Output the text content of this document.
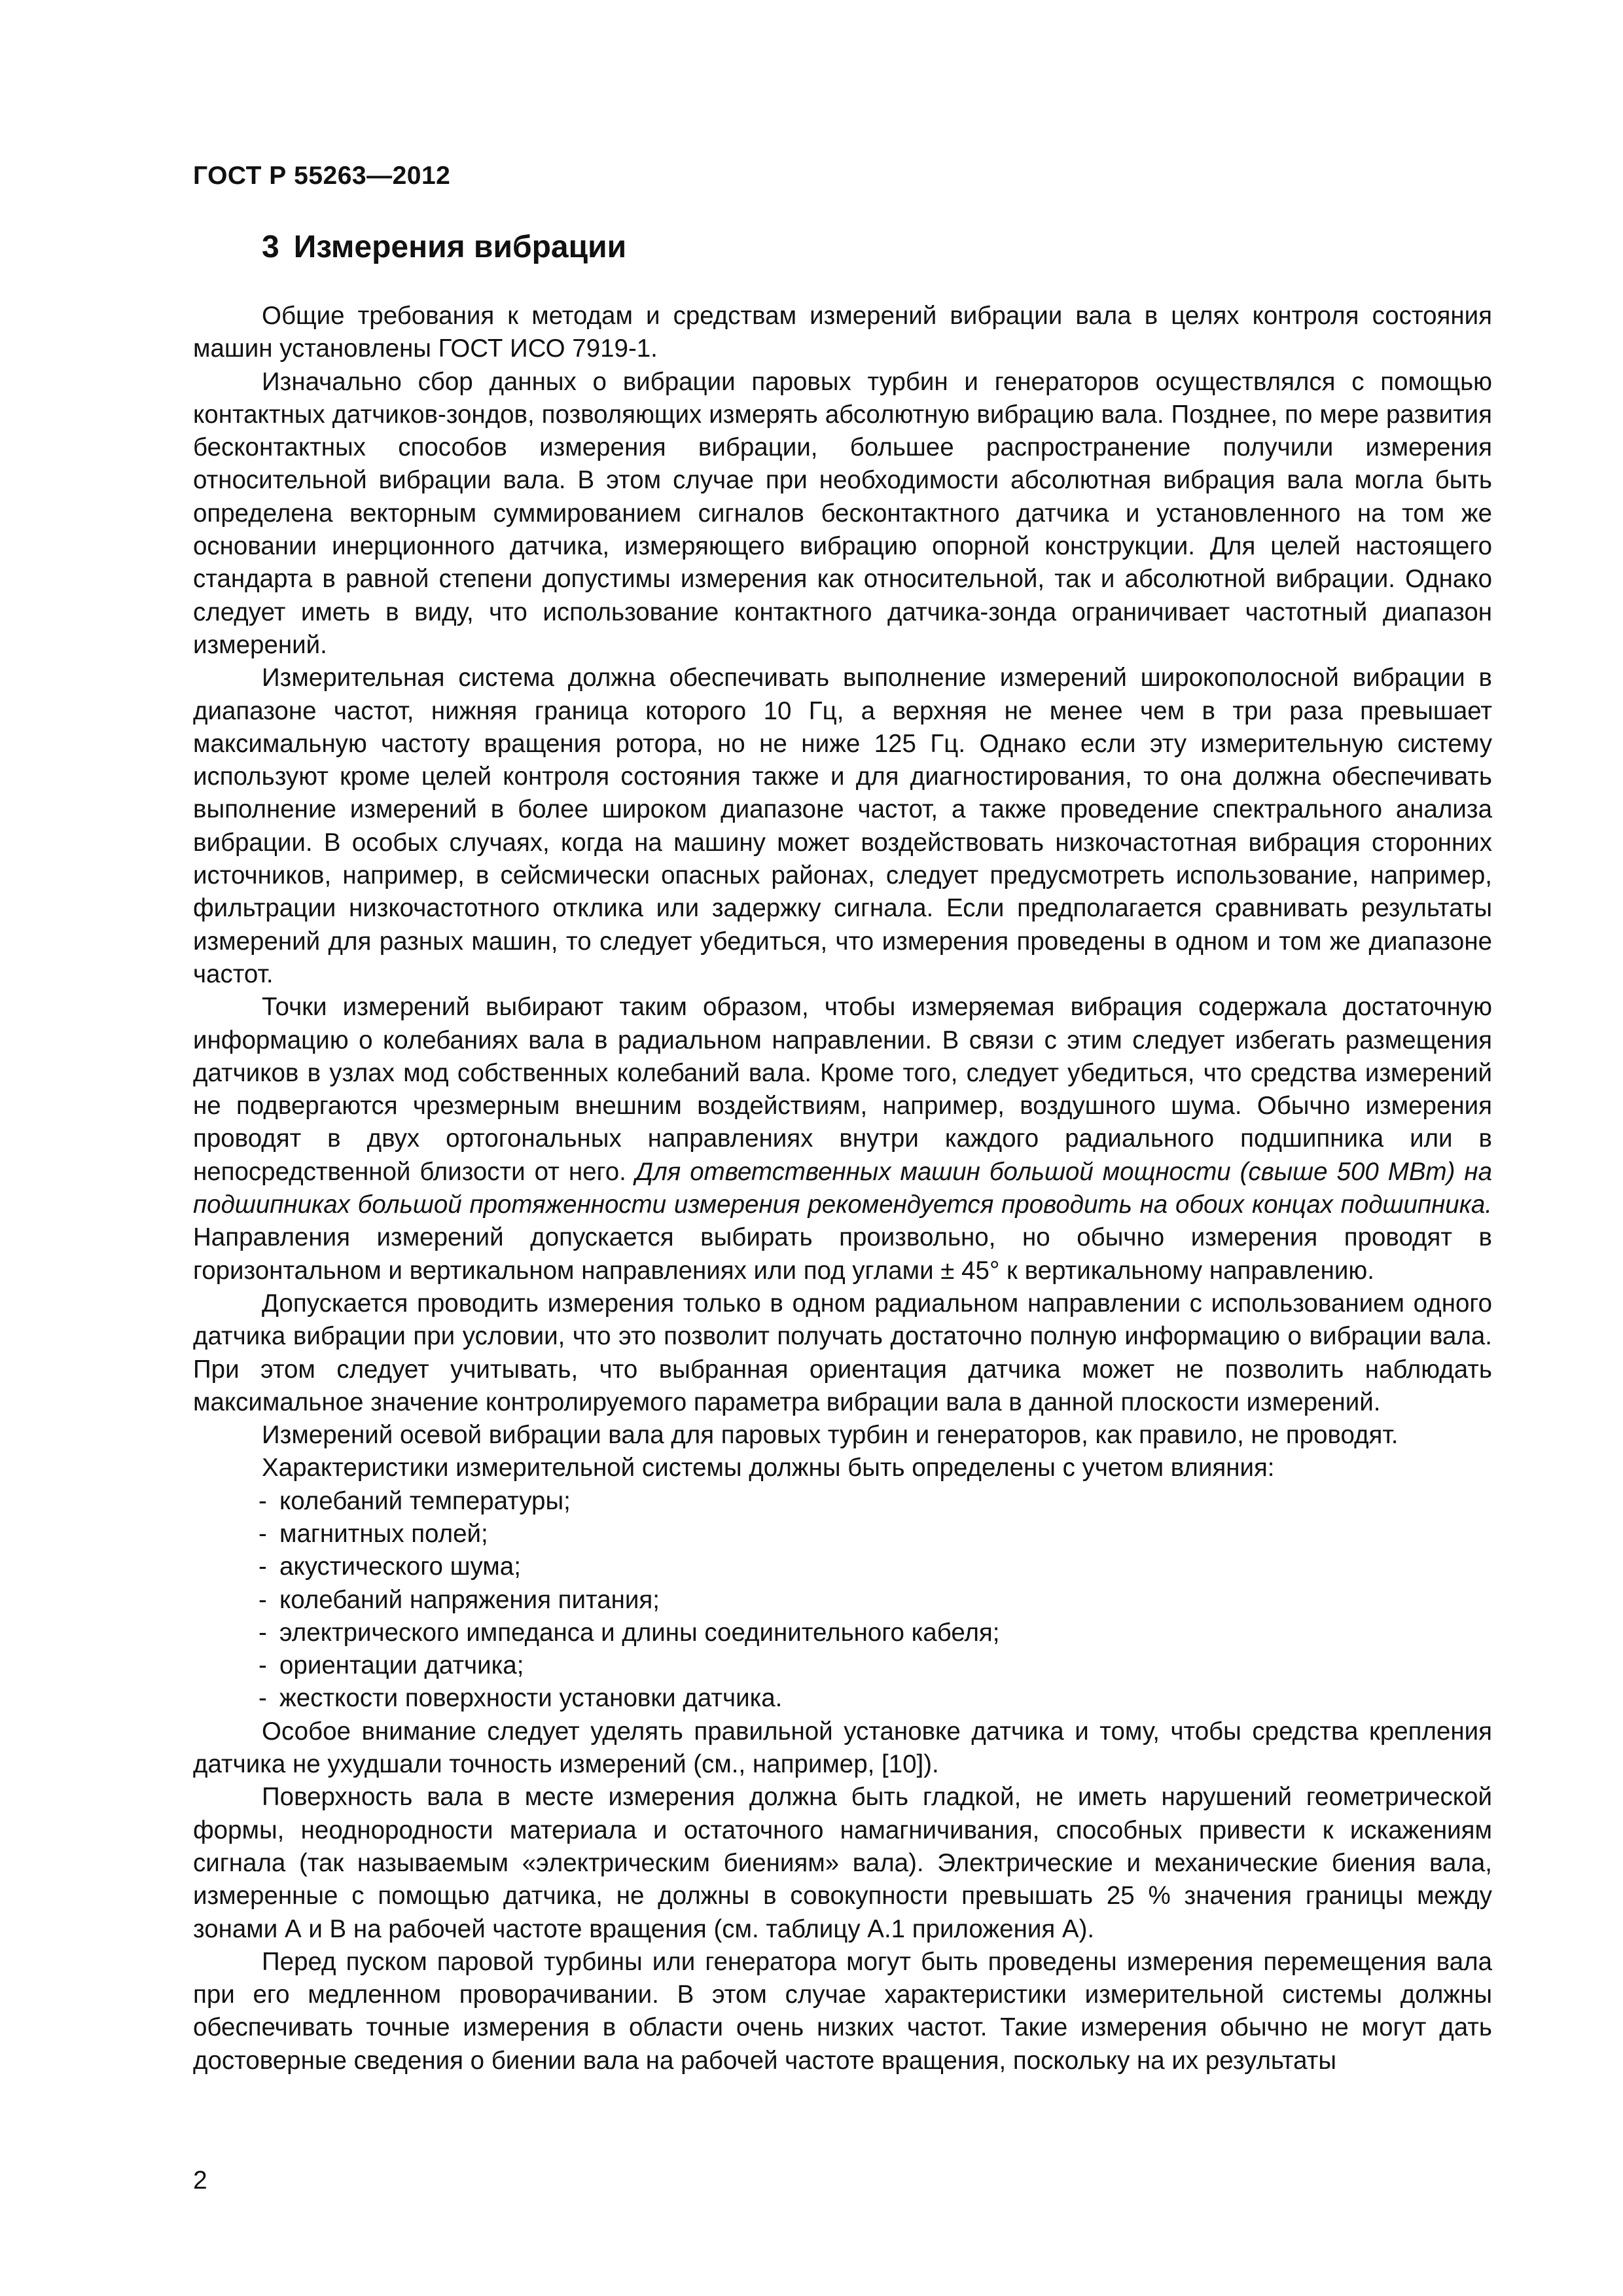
ГОСТ Р 55263—2012
3 Измерения вибрации

Общие требования к методам и средствам измерений вибрации вала в целях контроля состояния машин установлены ГОСТ ИСО 7919-1.

Изначально сбор данных о вибрации паровых турбин и генераторов осуществлялся с помощью контактных датчиков-зондов, позволяющих измерять абсолютную вибрацию вала. Позднее, по мере развития бесконтактных способов измерения вибрации, большее распространение получили измерения относительной вибрации вала. В этом случае при необходимости абсолютная вибрация вала могла быть определена векторным суммированием сигналов бесконтактного датчика и установленного на том же основании инерционного датчика, измеряющего вибрацию опорной конструкции. Для целей настоящего стандарта в равной степени допустимы измерения как относительной, так и абсолютной вибрации. Однако следует иметь в виду, что использование контактного датчика-зонда ограничивает частотный диапазон измерений.

Измерительная система должна обеспечивать выполнение измерений широкополосной вибрации в диапазоне частот, нижняя граница которого 10 Гц, а верхняя не менее чем в три раза превышает максимальную частоту вращения ротора, но не ниже 125 Гц. Однако если эту измерительную систему используют кроме целей контроля состояния также и для диагностирования, то она должна обеспечивать выполнение измерений в более широком диапазоне частот, а также проведение спектрального анализа вибрации. В особых случаях, когда на машину может воздействовать низкочастотная вибрация сторонних источников, например, в сейсмически опасных районах, следует предусмотреть использование, например, фильтрации низкочастотного отклика или задержку сигнала. Если предполагается сравнивать результаты измерений для разных машин, то следует убедиться, что измерения проведены в одном и том же диапазоне частот.

Точки измерений выбирают таким образом, чтобы измеряемая вибрация содержала достаточную информацию о колебаниях вала в радиальном направлении. В связи с этим следует избегать размещения датчиков в узлах мод собственных колебаний вала. Кроме того, следует убедиться, что средства измерений не подвергаются чрезмерным внешним воздействиям, например, воздушного шума. Обычно измерения проводят в двух ортогональных направлениях внутри каждого радиального подшипника или в непосредственной близости от него. Для ответственных машин большой мощности (свыше 500 МВт) на подшипниках большой протяженности измерения рекомендуется проводить на обоих концах подшипника. Направления измерений допускается выбирать произвольно, но обычно измерения проводят в горизонтальном и вертикальном направлениях или под углами ± 45° к вертикальному направлению.

Допускается проводить измерения только в одном радиальном направлении с использованием одного датчика вибрации при условии, что это позволит получать достаточно полную информацию о вибрации вала. При этом следует учитывать, что выбранная ориентация датчика может не позволить наблюдать максимальное значение контролируемого параметра вибрации вала в данной плоскости измерений.

Измерений осевой вибрации вала для паровых турбин и генераторов, как правило, не проводят.

Характеристики измерительной системы должны быть определены с учетом влияния:

- колебаний температуры;

- магнитных полей;

- акустического шума;

- колебаний напряжения питания;

- электрического импеданса и длины соединительного кабеля;

- ориентации датчика;

- жесткости поверхности установки датчика.

Особое внимание следует уделять правильной установке датчика и тому, чтобы средства крепления датчика не ухудшали точность измерений (см., например, [10]).

Поверхность вала в месте измерения должна быть гладкой, не иметь нарушений геометрической формы, неоднородности материала и остаточного намагничивания, способных привести к искажениям сигнала (так называемым «электрическим биениям» вала). Электрические и механические биения вала, измеренные с помощью датчика, не должны в совокупности превышать 25 % значения границы между зонами А и В на рабочей частоте вращения (см. таблицу А.1 приложения А).

Перед пуском паровой турбины или генератора могут быть проведены измерения перемещения вала при его медленном проворачивании. В этом случае характеристики измерительной системы должны обеспечивать точные измерения в области очень низких частот. Такие измерения обычно не могут дать достоверные сведения о биении вала на рабочей частоте вращения, поскольку на их результаты

2
